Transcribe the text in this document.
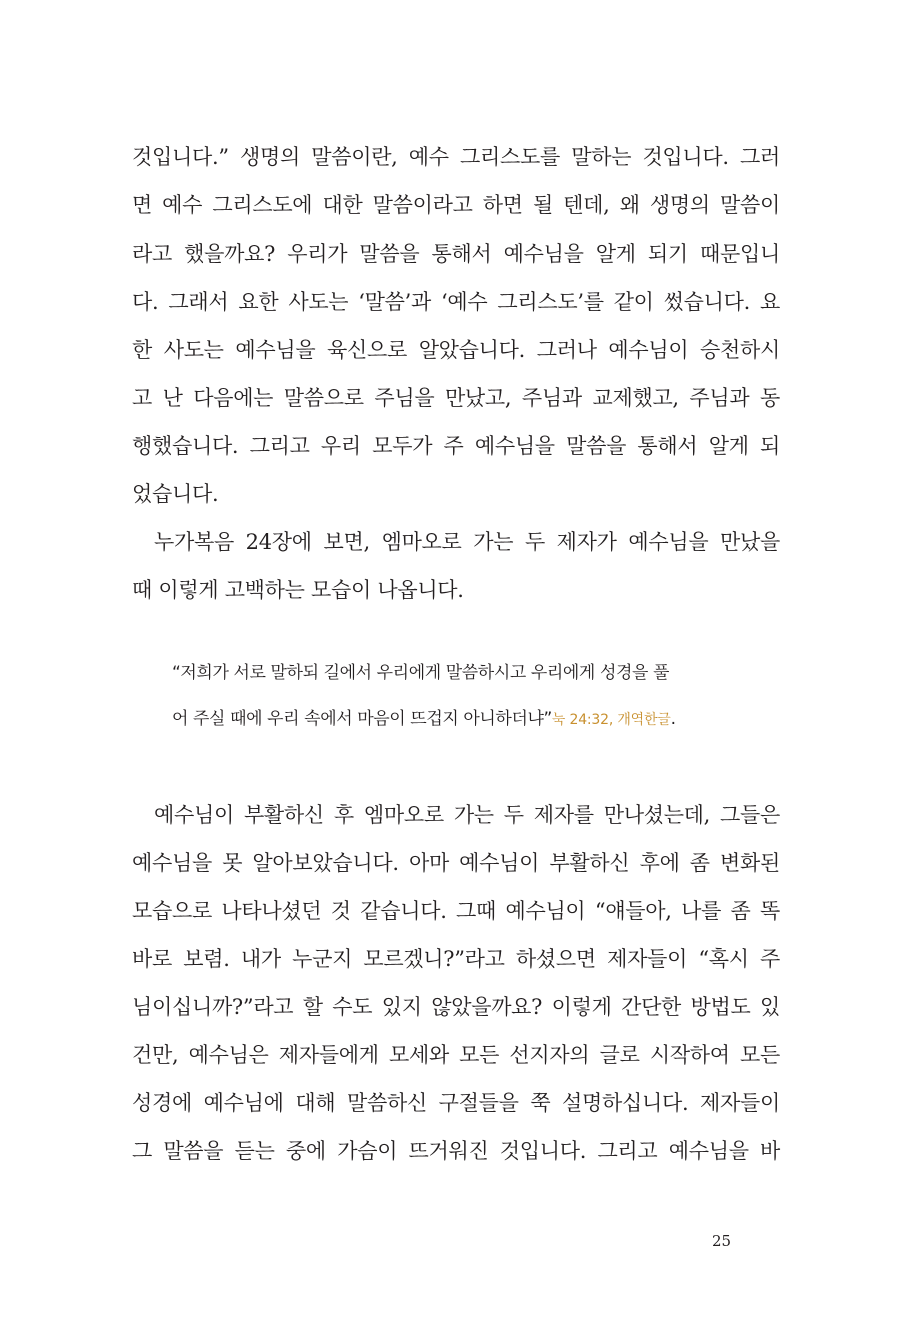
것입니다.” 생명의 말씀이란, 예수 그리스도를 말하는 것입니다. 그러
면 예수 그리스도에 대한 말씀이라고 하면 될 텐데, 왜 생명의 말씀이
라고 했을까요? 우리가 말씀을 통해서 예수님을 알게 되기 때문입니
다. 그래서 요한 사도는 ‘말씀’과 ‘예수 그리스도’를 같이 썼습니다. 요
한 사도는 예수님을 육신으로 알았습니다. 그러나 예수님이 승천하시
고 난 다음에는 말씀으로 주님을 만났고, 주님과 교제했고, 주님과 동
행했습니다. 그리고 우리 모두가 주 예수님을 말씀을 통해서 알게 되
었습니다.
누가복음 24장에 보면, 엠마오로 가는 두 제자가 예수님을 만났을
때 이렇게 고백하는 모습이 나옵니다.
“저희가 서로 말하되 길에서 우리에게 말씀하시고 우리에게 성경을 풀
어 주실 때에 우리 속에서 마음이 뜨겁지 아니하더냐”눅 24:32, 개역한글.
예수님이 부활하신 후 엠마오로 가는 두 제자를 만나셨는데, 그들은
예수님을 못 알아보았습니다. 아마 예수님이 부활하신 후에 좀 변화된
모습으로 나타나셨던 것 같습니다. 그때 예수님이 “얘들아, 나를 좀 똑
바로 보렴. 내가 누군지 모르겠니?”라고 하셨으면 제자들이 “혹시 주
님이십니까?”라고 할 수도 있지 않았을까요? 이렇게 간단한 방법도 있
건만, 예수님은 제자들에게 모세와 모든 선지자의 글로 시작하여 모든
성경에 예수님에 대해 말씀하신 구절들을 쭉 설명하십니다. 제자들이
그 말씀을 듣는 중에 가슴이 뜨거워진 것입니다. 그리고 예수님을 바
25
